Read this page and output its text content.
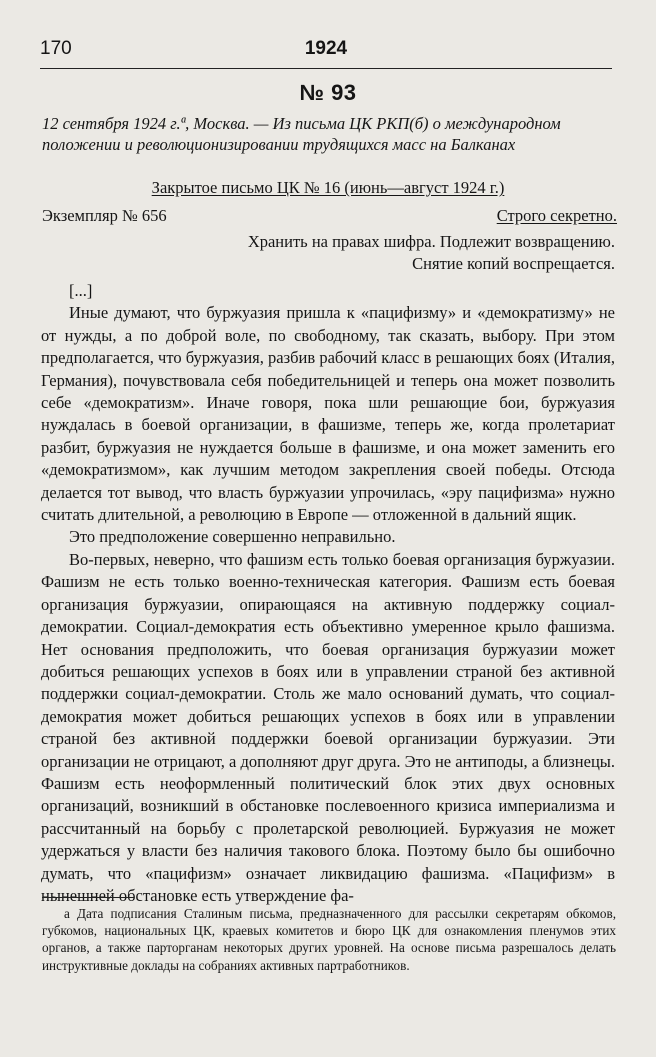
170	1924
№ 93
12 сентября 1924 г.ª, Москва. — Из письма ЦК РКП(б) о международном положении и революционизировании трудящихся масс на Балканах
Закрытое письмо ЦК № 16 (июнь—август 1924 г.)
Экземпляр № 656	Строго секретно.
Хранить на правах шифра. Подлежит возвращению.
Снятие копий воспрещается.

[...]

Иные думают, что буржуазия пришла к «пацифизму» и «демократизму» не от нужды, а по доброй воле, по свободному, так сказать, выбору. При этом предполагается, что буржуазия, разбив рабочий класс в решающих боях (Италия, Германия), почувствовала себя победительницей и теперь она может позволить себе «демократизм». Иначе говоря, пока шли решающие бои, буржуазия нуждалась в боевой организации, в фашизме, теперь же, когда пролетариат разбит, буржуазия не нуждается больше в фашизме, и она может заменить его «демократизмом», как лучшим методом закрепления своей победы. Отсюда делается тот вывод, что власть буржуазии упрочилась, «эру пацифизма» нужно считать длительной, а революцию в Европе — отложенной в дальний ящик.

Это предположение совершенно неправильно.

Во-первых, неверно, что фашизм есть только боевая организация буржуазии. Фашизм не есть только военно-техническая категория. Фашизм есть боевая организация буржуазии, опирающаяся на активную поддержку социал-демократии. Социал-демократия есть объективно умеренное крыло фашизма. Нет основания предположить, что боевая организация буржуазии может добиться решающих успехов в боях или в управлении страной без активной поддержки социал-демократии. Столь же мало оснований думать, что социал-демократия может добиться решающих успехов в боях или в управлении страной без активной поддержки боевой организации буржуазии. Эти организации не отрицают, а дополняют друг друга. Это не антиподы, а близнецы. Фашизм есть неоформленный политический блок этих двух основных организаций, возникший в обстановке послевоенного кризиса империализма и рассчитанный на борьбу с пролетарской революцией. Буржуазия не может удержаться у власти без наличия такового блока. Поэтому было бы ошибочно думать, что «пацифизм» означает ликвидацию фашизма. «Пацифизм» в нынешней обстановке есть утверждение фа-

а Дата подписания Сталиным письма, предназначенного для рассылки секретарям обкомов, губкомов, национальных ЦК, краевых комитетов и бюро ЦК для ознакомления пленумов этих органов, а также парторганам некоторых других уровней. На основе письма разрешалось делать инструктивные доклады на собраниях активных партработников.
